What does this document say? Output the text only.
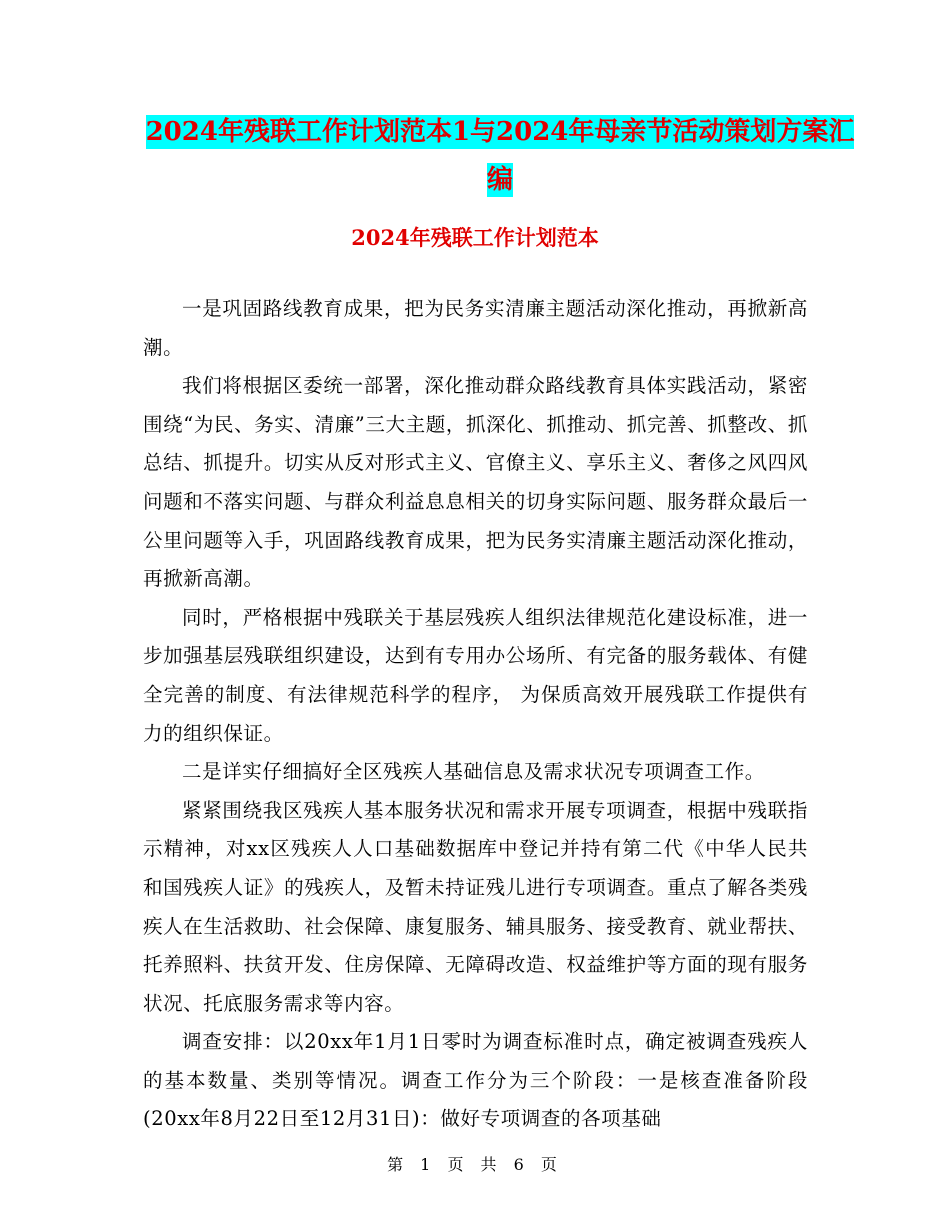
2024年残联工作计划范本1与2024年母亲节活动策划方案汇编
2024年残联工作计划范本

一是巩固路线教育成果，把为民务实清廉主题活动深化推动，再掀新高潮。

我们将根据区委统一部署，深化推动群众路线教育具体实践活动，紧密围绕“为民、务实、清廉”三大主题，抓深化、抓推动、抓完善、抓整改、抓总结、抓提升。切实从反对形式主义、官僚主义、享乐主义、奢侈之风四风问题和不落实问题、与群众利益息息相关的切身实际问题、服务群众最后一公里问题等入手，巩固路线教育成果，把为民务实清廉主题活动深化推动，再掀新高潮。

同时，严格根据中残联关于基层残疾人组织法律规范化建设标准，进一步加强基层残联组织建设，达到有专用办公场所、有完备的服务载体、有健全完善的制度、有法律规范科学的程序， 为保质高效开展残联工作提供有力的组织保证。

二是详实仔细搞好全区残疾人基础信息及需求状况专项调查工作。

紧紧围绕我区残疾人基本服务状况和需求开展专项调查，根据中残联指示精神，对xx区残疾人人口基础数据库中登记并持有第二代《中华人民共和国残疾人证》的残疾人，及暂未持证残儿进行专项调查。重点了解各类残疾人在生活救助、社会保障、康复服务、辅具服务、接受教育、就业帮扶、托养照料、扶贫开发、住房保障、无障碍改造、权益维护等方面的现有服务状况、托底服务需求等内容。

调查安排：以20xx年1月1日零时为调查标准时点，确定被调查残疾人的基本数量、类别等情况。调查工作分为三个阶段：一是核查准备阶段(20xx年8月22日至12月31日)：做好专项调查的各项基础

第 1 页 共 6 页
